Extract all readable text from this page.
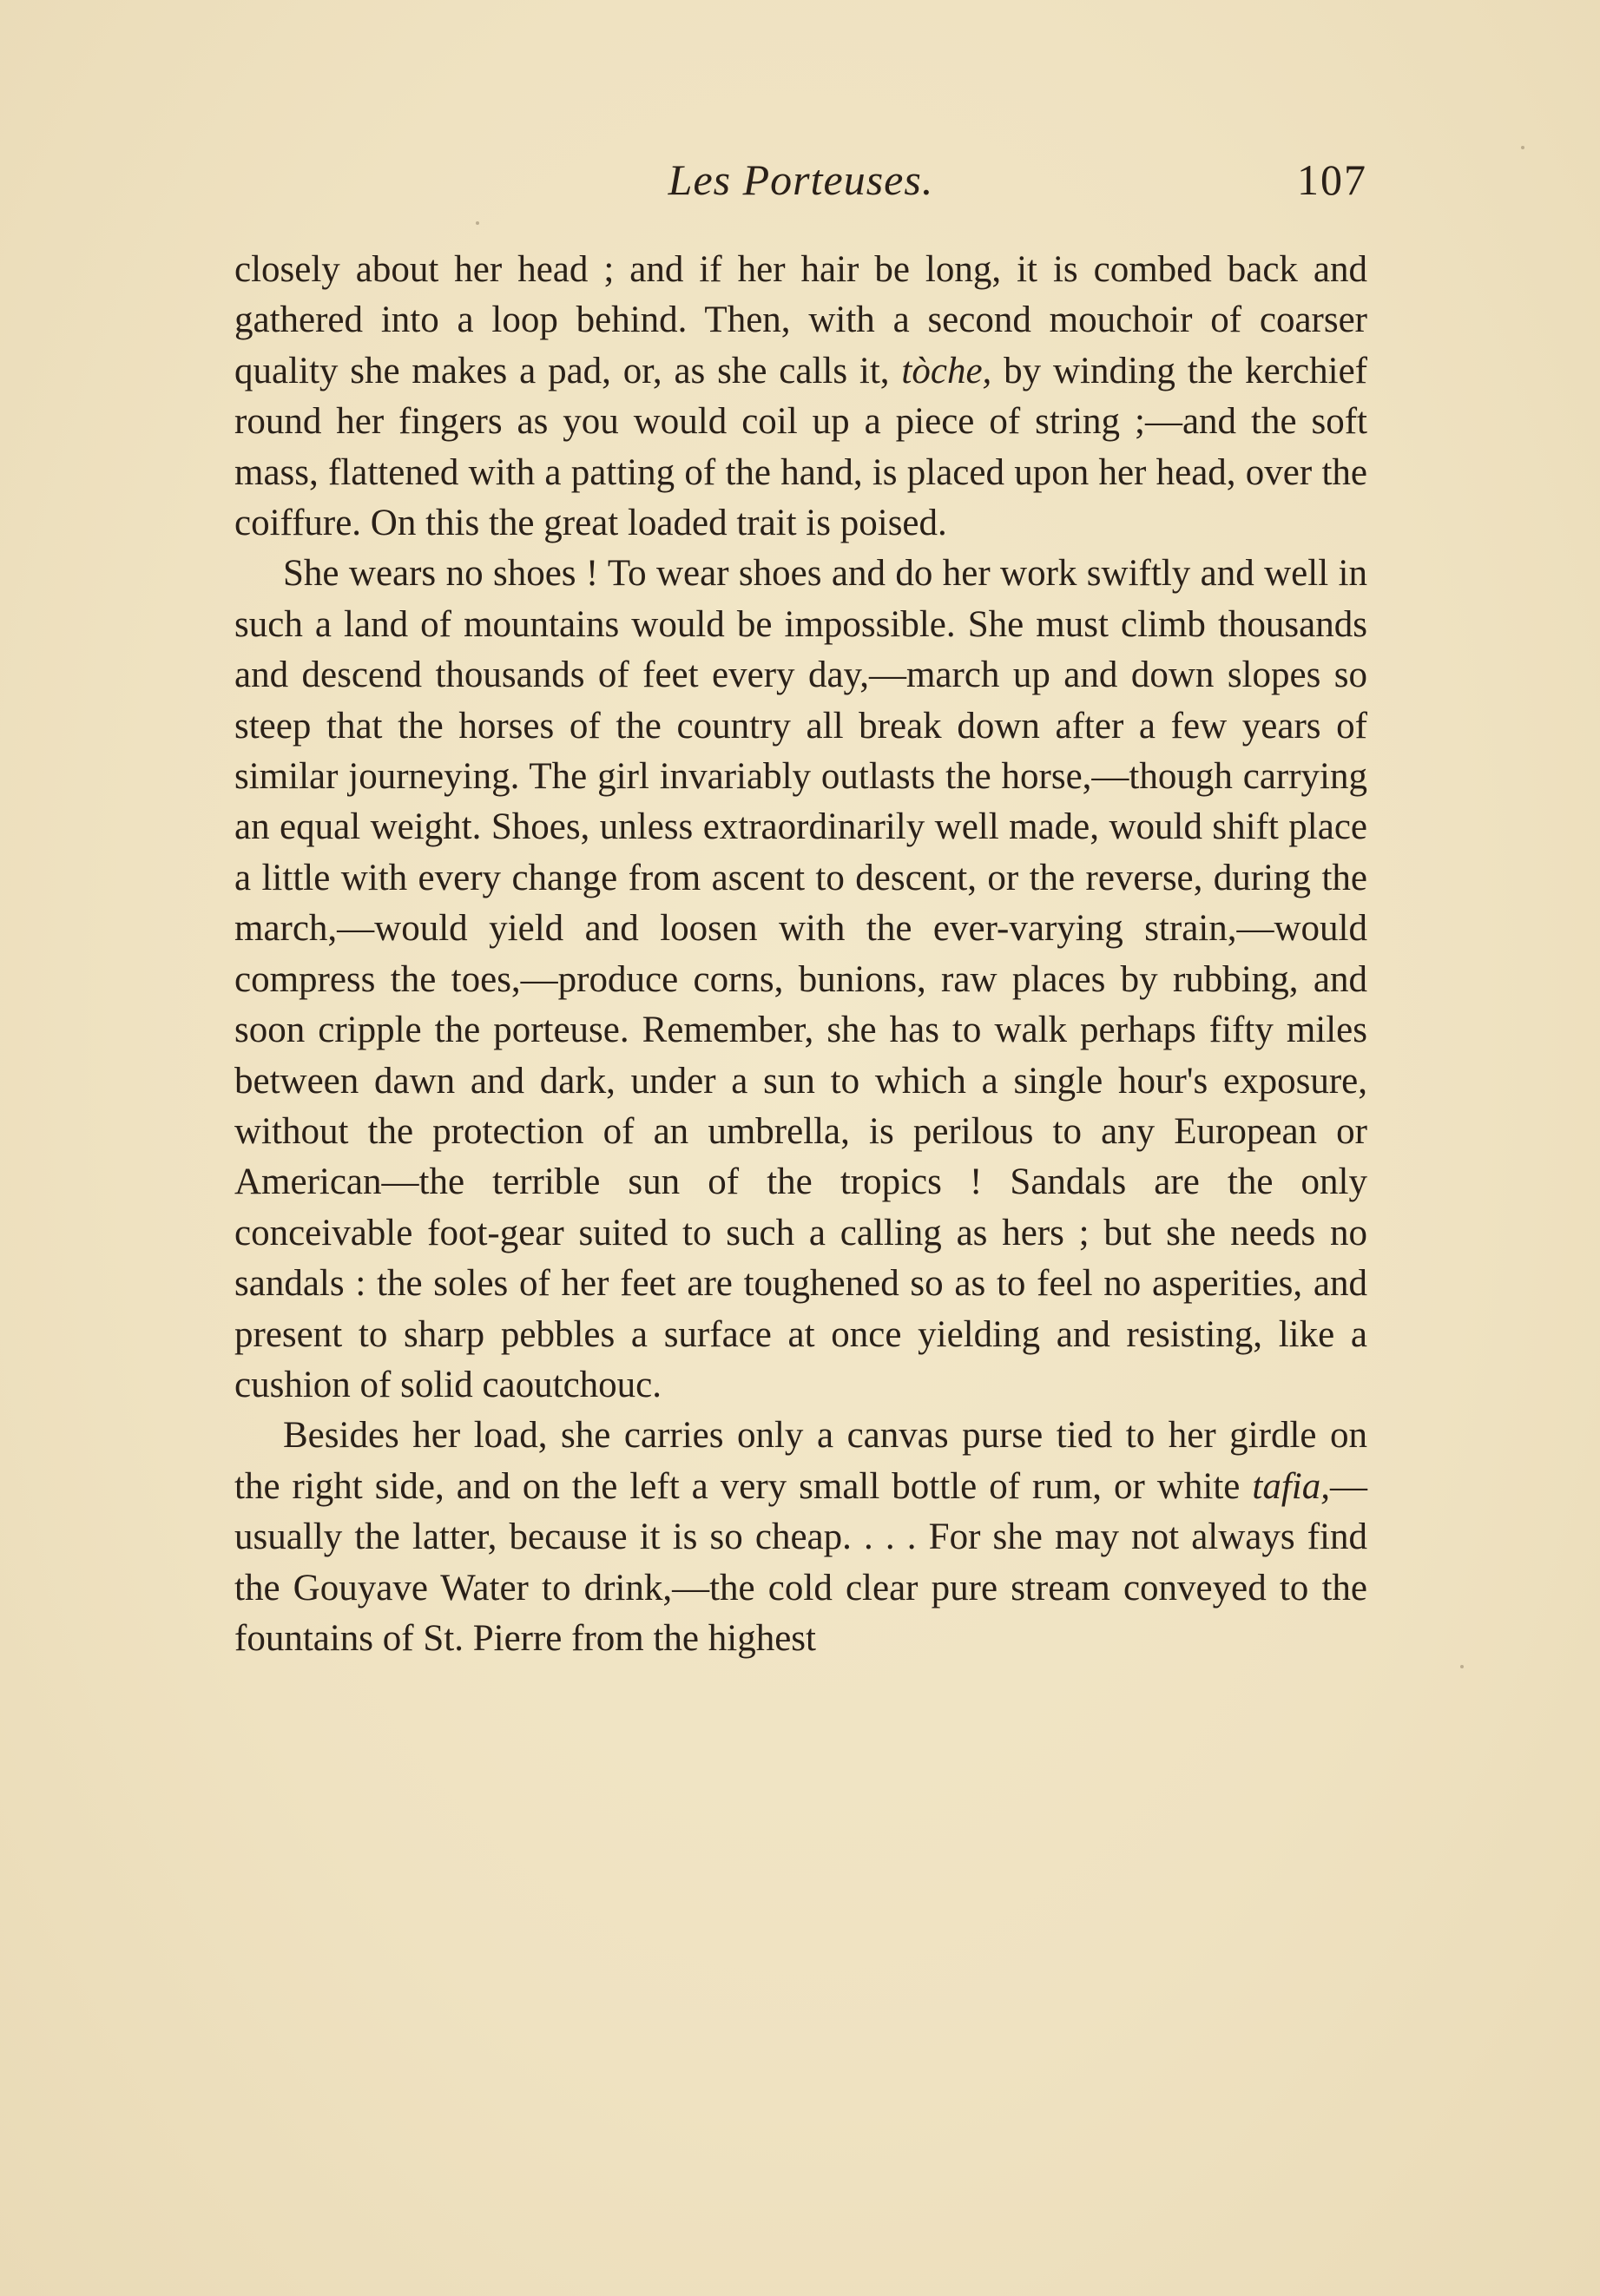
Les Porteuses.	107

closely about her head ; and if her hair be long, it is combed back and gathered into a loop behind. Then, with a second mouchoir of coarser quality she makes a pad, or, as she calls it, tòche, by winding the kerchief round her fingers as you would coil up a piece of string ;—and the soft mass, flattened with a patting of the hand, is placed upon her head, over the coiffure. On this the great loaded trait is poised.

She wears no shoes ! To wear shoes and do her work swiftly and well in such a land of mountains would be impossible. She must climb thousands and descend thousands of feet every day,—march up and down slopes so steep that the horses of the country all break down after a few years of similar journeying. The girl invariably outlasts the horse,—though carrying an equal weight. Shoes, unless extraordinarily well made, would shift place a little with every change from ascent to descent, or the reverse, during the march,—would yield and loosen with the ever-varying strain,—would compress the toes,—produce corns, bunions, raw places by rubbing, and soon cripple the porteuse. Remember, she has to walk perhaps fifty miles between dawn and dark, under a sun to which a single hour's exposure, without the protection of an umbrella, is perilous to any European or American—the terrible sun of the tropics ! Sandals are the only conceivable foot-gear suited to such a calling as hers ; but she needs no sandals : the soles of her feet are toughened so as to feel no asperities, and present to sharp pebbles a surface at once yielding and resisting, like a cushion of solid caoutchouc.

Besides her load, she carries only a canvas purse tied to her girdle on the right side, and on the left a very small bottle of rum, or white tafia,—usually the latter, because it is so cheap. . . . For she may not always find the Gouyave Water to drink,—the cold clear pure stream conveyed to the fountains of St. Pierre from the highest
